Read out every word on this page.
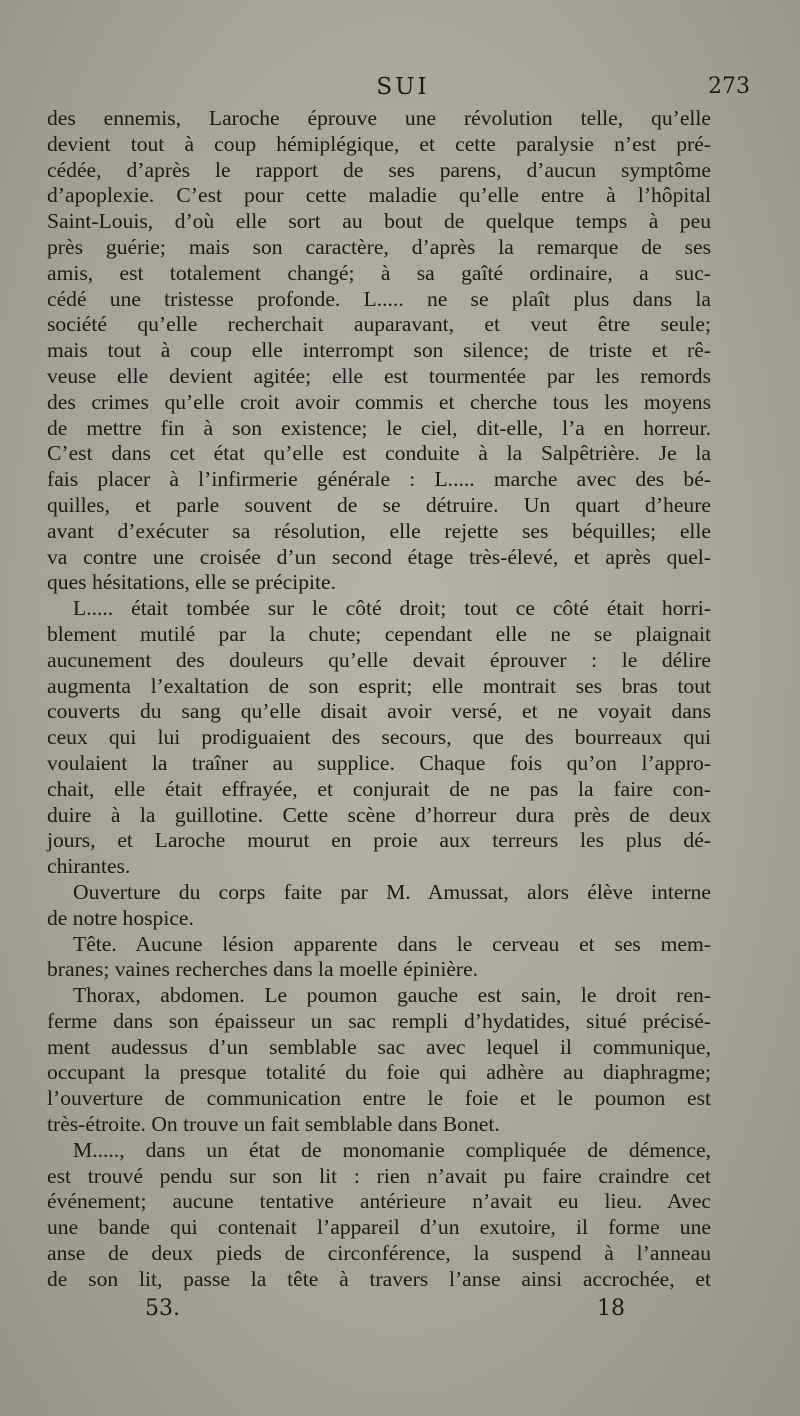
SUI	273
des ennemis, Laroche éprouve une révolution telle, qu’elle
devient tout à coup hémiplégique, et cette paralysie n’est pré-
cédée, d’après le rapport de ses parens, d’aucun symptôme
d’apoplexie. C’est pour cette maladie qu’elle entre à l’hôpital
Saint-Louis, d’où elle sort au bout de quelque temps à peu
près guérie; mais son caractère, d’après la remarque de ses
amis, est totalement changé; à sa gaîté ordinaire, a suc-
cédé une tristesse profonde. L..... ne se plaît plus dans la
société qu’elle recherchait auparavant, et veut être seule;
mais tout à coup elle interrompt son silence; de triste et rê-
veuse elle devient agitée; elle est tourmentée par les remords
des crimes qu’elle croit avoir commis et cherche tous les moyens
de mettre fin à son existence; le ciel, dit-elle, l’a en horreur.
C’est dans cet état qu’elle est conduite à la Salpêtrière. Je la
fais placer à l’infirmerie générale : L..... marche avec des bé-
quilles, et parle souvent de se détruire. Un quart d’heure
avant d’exécuter sa résolution, elle rejette ses béquilles; elle
va contre une croisée d’un second étage très-élevé, et après quel-
ques hésitations, elle se précipite.
L..... était tombée sur le côté droit; tout ce côté était horri-
blement mutilé par la chute; cependant elle ne se plaignait
aucunement des douleurs qu’elle devait éprouver : le délire
augmenta l’exaltation de son esprit; elle montrait ses bras tout
couverts du sang qu’elle disait avoir versé, et ne voyait dans
ceux qui lui prodiguaient des secours, que des bourreaux qui
voulaient la traîner au supplice. Chaque fois qu’on l’appro-
chait, elle était effrayée, et conjurait de ne pas la faire con-
duire à la guillotine. Cette scène d’horreur dura près de deux
jours, et Laroche mourut en proie aux terreurs les plus dé-
chirantes.
Ouverture du corps faite par M. Amussat, alors élève interne
de notre hospice.
Tête. Aucune lésion apparente dans le cerveau et ses mem-
branes; vaines recherches dans la moelle épinière.
Thorax, abdomen. Le poumon gauche est sain, le droit ren-
ferme dans son épaisseur un sac rempli d’hydatides, situé précisé-
ment audessus d’un semblable sac avec lequel il communique,
occupant la presque totalité du foie qui adhère au diaphragme;
l’ouverture de communication entre le foie et le poumon est
très-étroite. On trouve un fait semblable dans Bonet.
M....., dans un état de monomanie compliquée de démence,
est trouvé pendu sur son lit : rien n’avait pu faire craindre cet
événement; aucune tentative antérieure n’avait eu lieu. Avec
une bande qui contenait l’appareil d’un exutoire, il forme une
anse de deux pieds de circonférence, la suspend à l’anneau
de son lit, passe la tête à travers l’anse ainsi accrochée, et
53.	18
